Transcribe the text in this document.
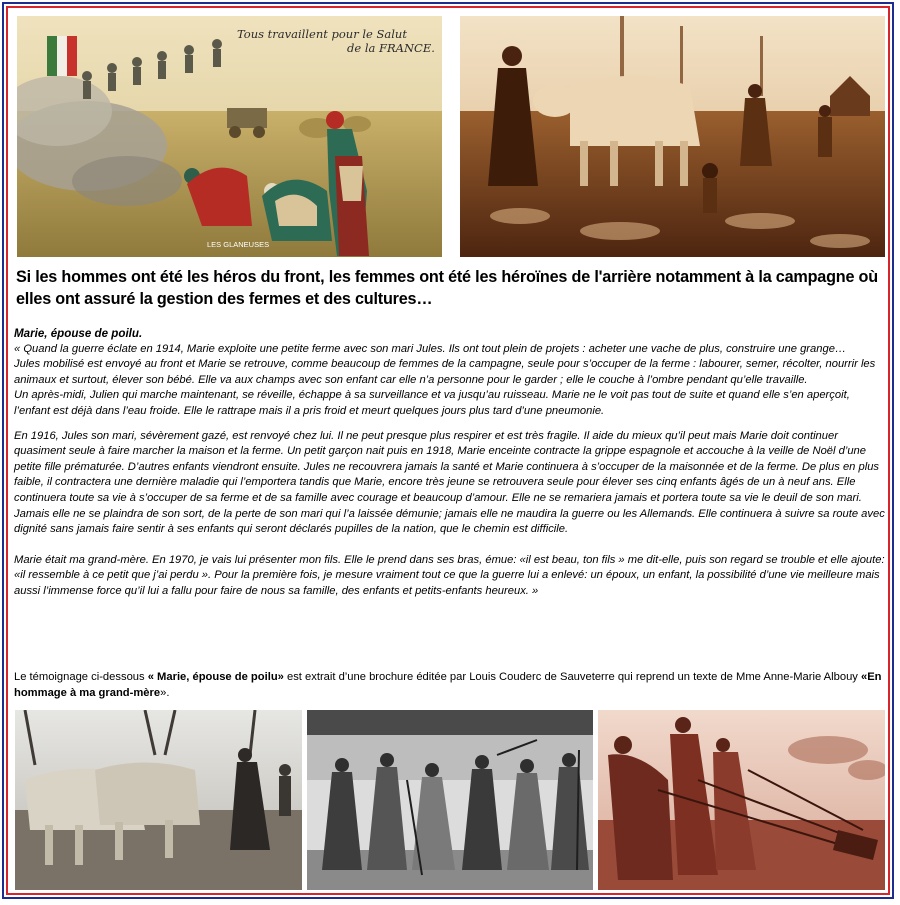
Tous travaillent pour le Salut
de la FRANCE.
LES GLANEUSES
Si les hommes ont été les héros du front, les femmes ont été les héroïnes de l'arrière notamment à la campagne où elles ont assuré la gestion des fermes et des cultures…

Marie, épouse de poilu.

« Quand la guerre éclate en 1914, Marie exploite une petite ferme avec son mari Jules. Ils ont tout plein de projets : acheter une vache de plus, construire une grange…

Jules mobilisé est envoyé au front et Marie se retrouve, comme beaucoup de femmes de la campagne, seule pour s’occuper de la ferme : labourer, semer, récolter, nourrir les animaux et surtout, élever son bébé. Elle va aux champs avec son enfant car elle n’a personne pour le garder ; elle le couche à l’ombre pendant qu’elle travaille.

Un après-midi, Julien qui marche maintenant, se réveille, échappe à sa surveillance et va jusqu’au ruisseau. Marie ne le voit pas tout de suite et quand elle s’en aperçoit, l’enfant est déjà dans l’eau froide. Elle le rattrape mais il a pris froid et meurt quelques jours plus tard d’une pneumonie.

En 1916, Jules son mari, sévèrement gazé, est renvoyé chez lui. Il ne peut presque plus respirer et est très fragile. Il aide du mieux qu’il peut mais Marie doit continuer quasiment seule à faire marcher la maison et la ferme. Un petit garçon nait puis en 1918, Marie enceinte contracte la grippe espagnole et accouche à la veille de Noël d’une petite fille prématurée. D’autres enfants viendront ensuite. Jules ne recouvrera jamais la santé et Marie continuera à s’occuper de la maisonnée et de la ferme. De plus en plus faible, il contractera une dernière maladie qui l’emportera tandis que Marie, encore très jeune se retrouvera seule pour élever ses cinq enfants âgés de un à neuf ans. Elle continuera toute sa vie à s’occuper de sa ferme et de sa famille avec courage et beaucoup d’amour. Elle ne se remariera jamais et portera toute sa vie le deuil de son mari. Jamais elle ne se plaindra de son sort, de la perte de son mari qui l’a laissée démunie; jamais elle ne maudira la guerre ou les Allemands. Elle continuera à suivre sa route avec dignité sans jamais faire sentir à ses enfants qui seront déclarés pupilles de la nation, que le chemin est difficile.

Marie était ma grand-mère. En 1970, je vais lui présenter mon fils. Elle le prend dans ses bras, émue: «il est beau, ton fils » me dit-elle, puis son regard se trouble et elle ajoute: «il ressemble à ce petit que j’ai perdu ». Pour la première fois, je mesure vraiment tout ce que la guerre lui a enlevé: un époux, un enfant, la possibilité d’une vie meilleure mais aussi l’immense force qu’il lui a fallu pour faire de nous sa famille, des enfants et petits-enfants heureux. »

Le témoignage ci-dessous « Marie, épouse de poilu» est extrait d’une brochure éditée par Louis Couderc de Sauveterre qui reprend un texte de Mme Anne-Marie Albouy «En hommage à ma grand-mère».
